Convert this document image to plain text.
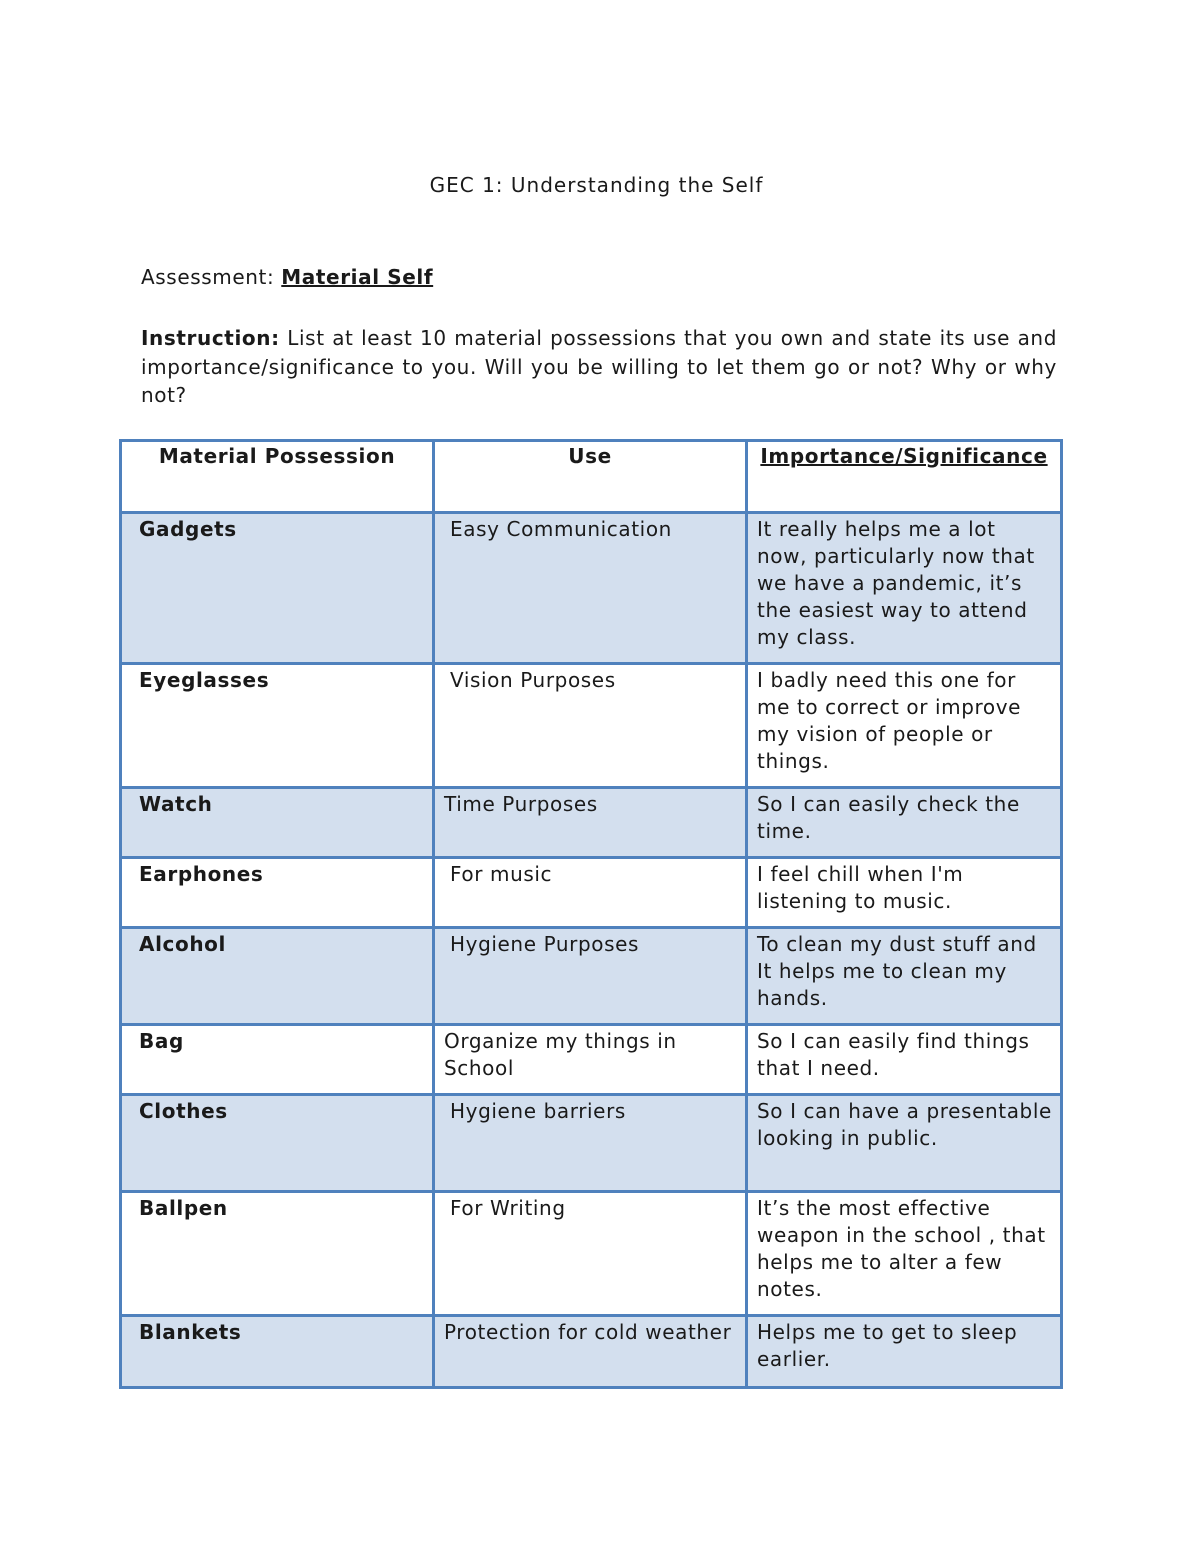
GEC 1: Understanding the Self
Assessment: Material Self
Instruction: List at least 10 material possessions that you own and state its use and importance/significance to you. Will you be willing to let them go or not? Why or why not?
Material Possession	Use	Importance/Significance
Gadgets	Easy Communication	It really helps me a lot now, particularly now that we have a pandemic, it’s the easiest way to attend my class.
Eyeglasses	Vision Purposes	I badly need this one for me to correct or improve my vision of people or things.
Watch	Time Purposes	So I can easily check the time.
Earphones	For music	I feel chill when I'm listening to music.
Alcohol	Hygiene Purposes	To clean my dust stuff and It helps me to clean my hands.
Bag	Organize my things in School	So I can easily find things that I need.
Clothes	Hygiene barriers	So I can have a presentable looking in public.
Ballpen	For Writing	It’s the most effective weapon in the school , that helps me to alter a few notes.
Blankets	Protection for cold weather	Helps me to get to sleep earlier.
